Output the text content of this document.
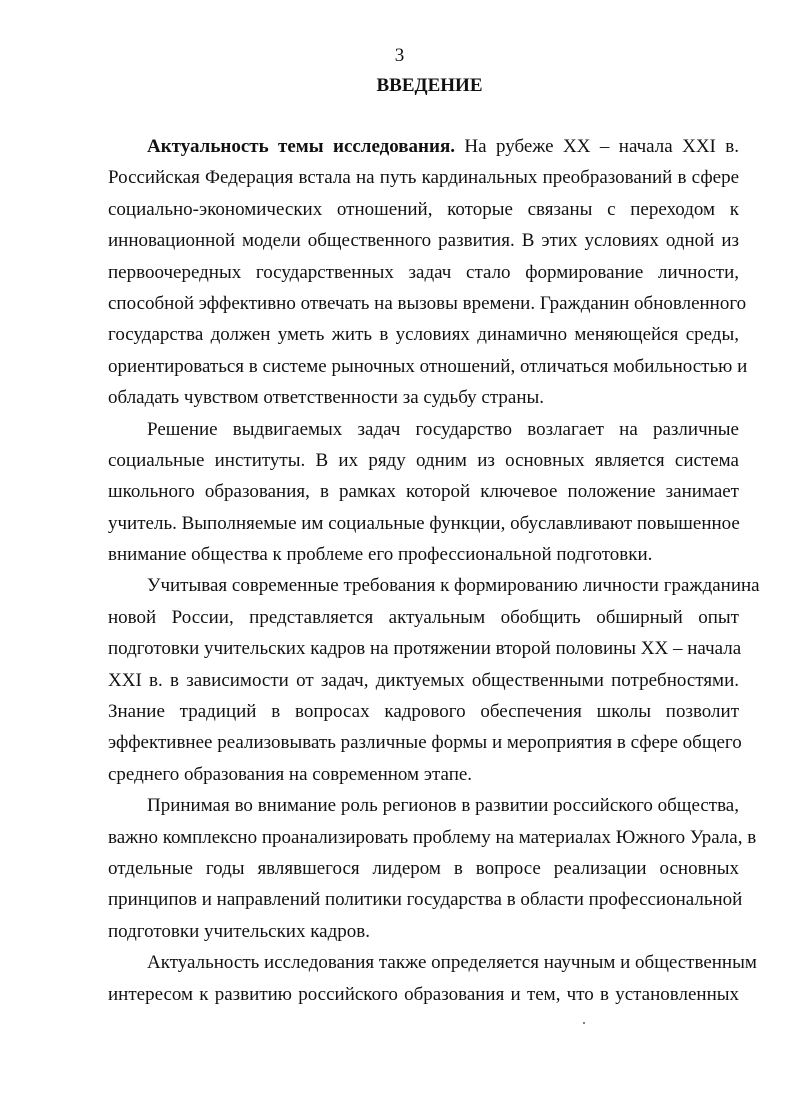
3
ВВЕДЕНИЕ
Актуальность темы исследования. На рубеже XX – начала XXI в.
Российская Федерация встала на путь кардинальных преобразований в сфере
социально-экономических отношений, которые связаны с переходом к
инновационной модели общественного развития. В этих условиях одной из
первоочередных государственных задач стало формирование личности,
способной эффективно отвечать на вызовы времени. Гражданин обновленного
государства должен уметь жить в условиях динамично меняющейся среды,
ориентироваться в системе рыночных отношений, отличаться мобильностью и
обладать чувством ответственности за судьбу страны.
Решение выдвигаемых задач государство возлагает на различные
социальные институты. В их ряду одним из основных является система
школьного образования, в рамках которой ключевое положение занимает
учитель. Выполняемые им социальные функции, обуславливают повышенное
внимание общества к проблеме его профессиональной подготовки.
Учитывая современные требования к формированию личности гражданина
новой России, представляется актуальным обобщить обширный опыт
подготовки учительских кадров на протяжении второй половины XX – начала
XXI в. в зависимости от задач, диктуемых общественными потребностями.
Знание традиций в вопросах кадрового обеспечения школы позволит
эффективнее реализовывать различные формы и мероприятия в сфере общего
среднего образования на современном этапе.
Принимая во внимание роль регионов в развитии российского общества,
важно комплексно проанализировать проблему на материалах Южного Урала, в
отдельные годы являвшегося лидером в вопросе реализации основных
принципов и направлений политики государства в области профессиональной
подготовки учительских кадров.
Актуальность исследования также определяется научным и общественным
интересом к развитию российского образования и тем, что в установленных
